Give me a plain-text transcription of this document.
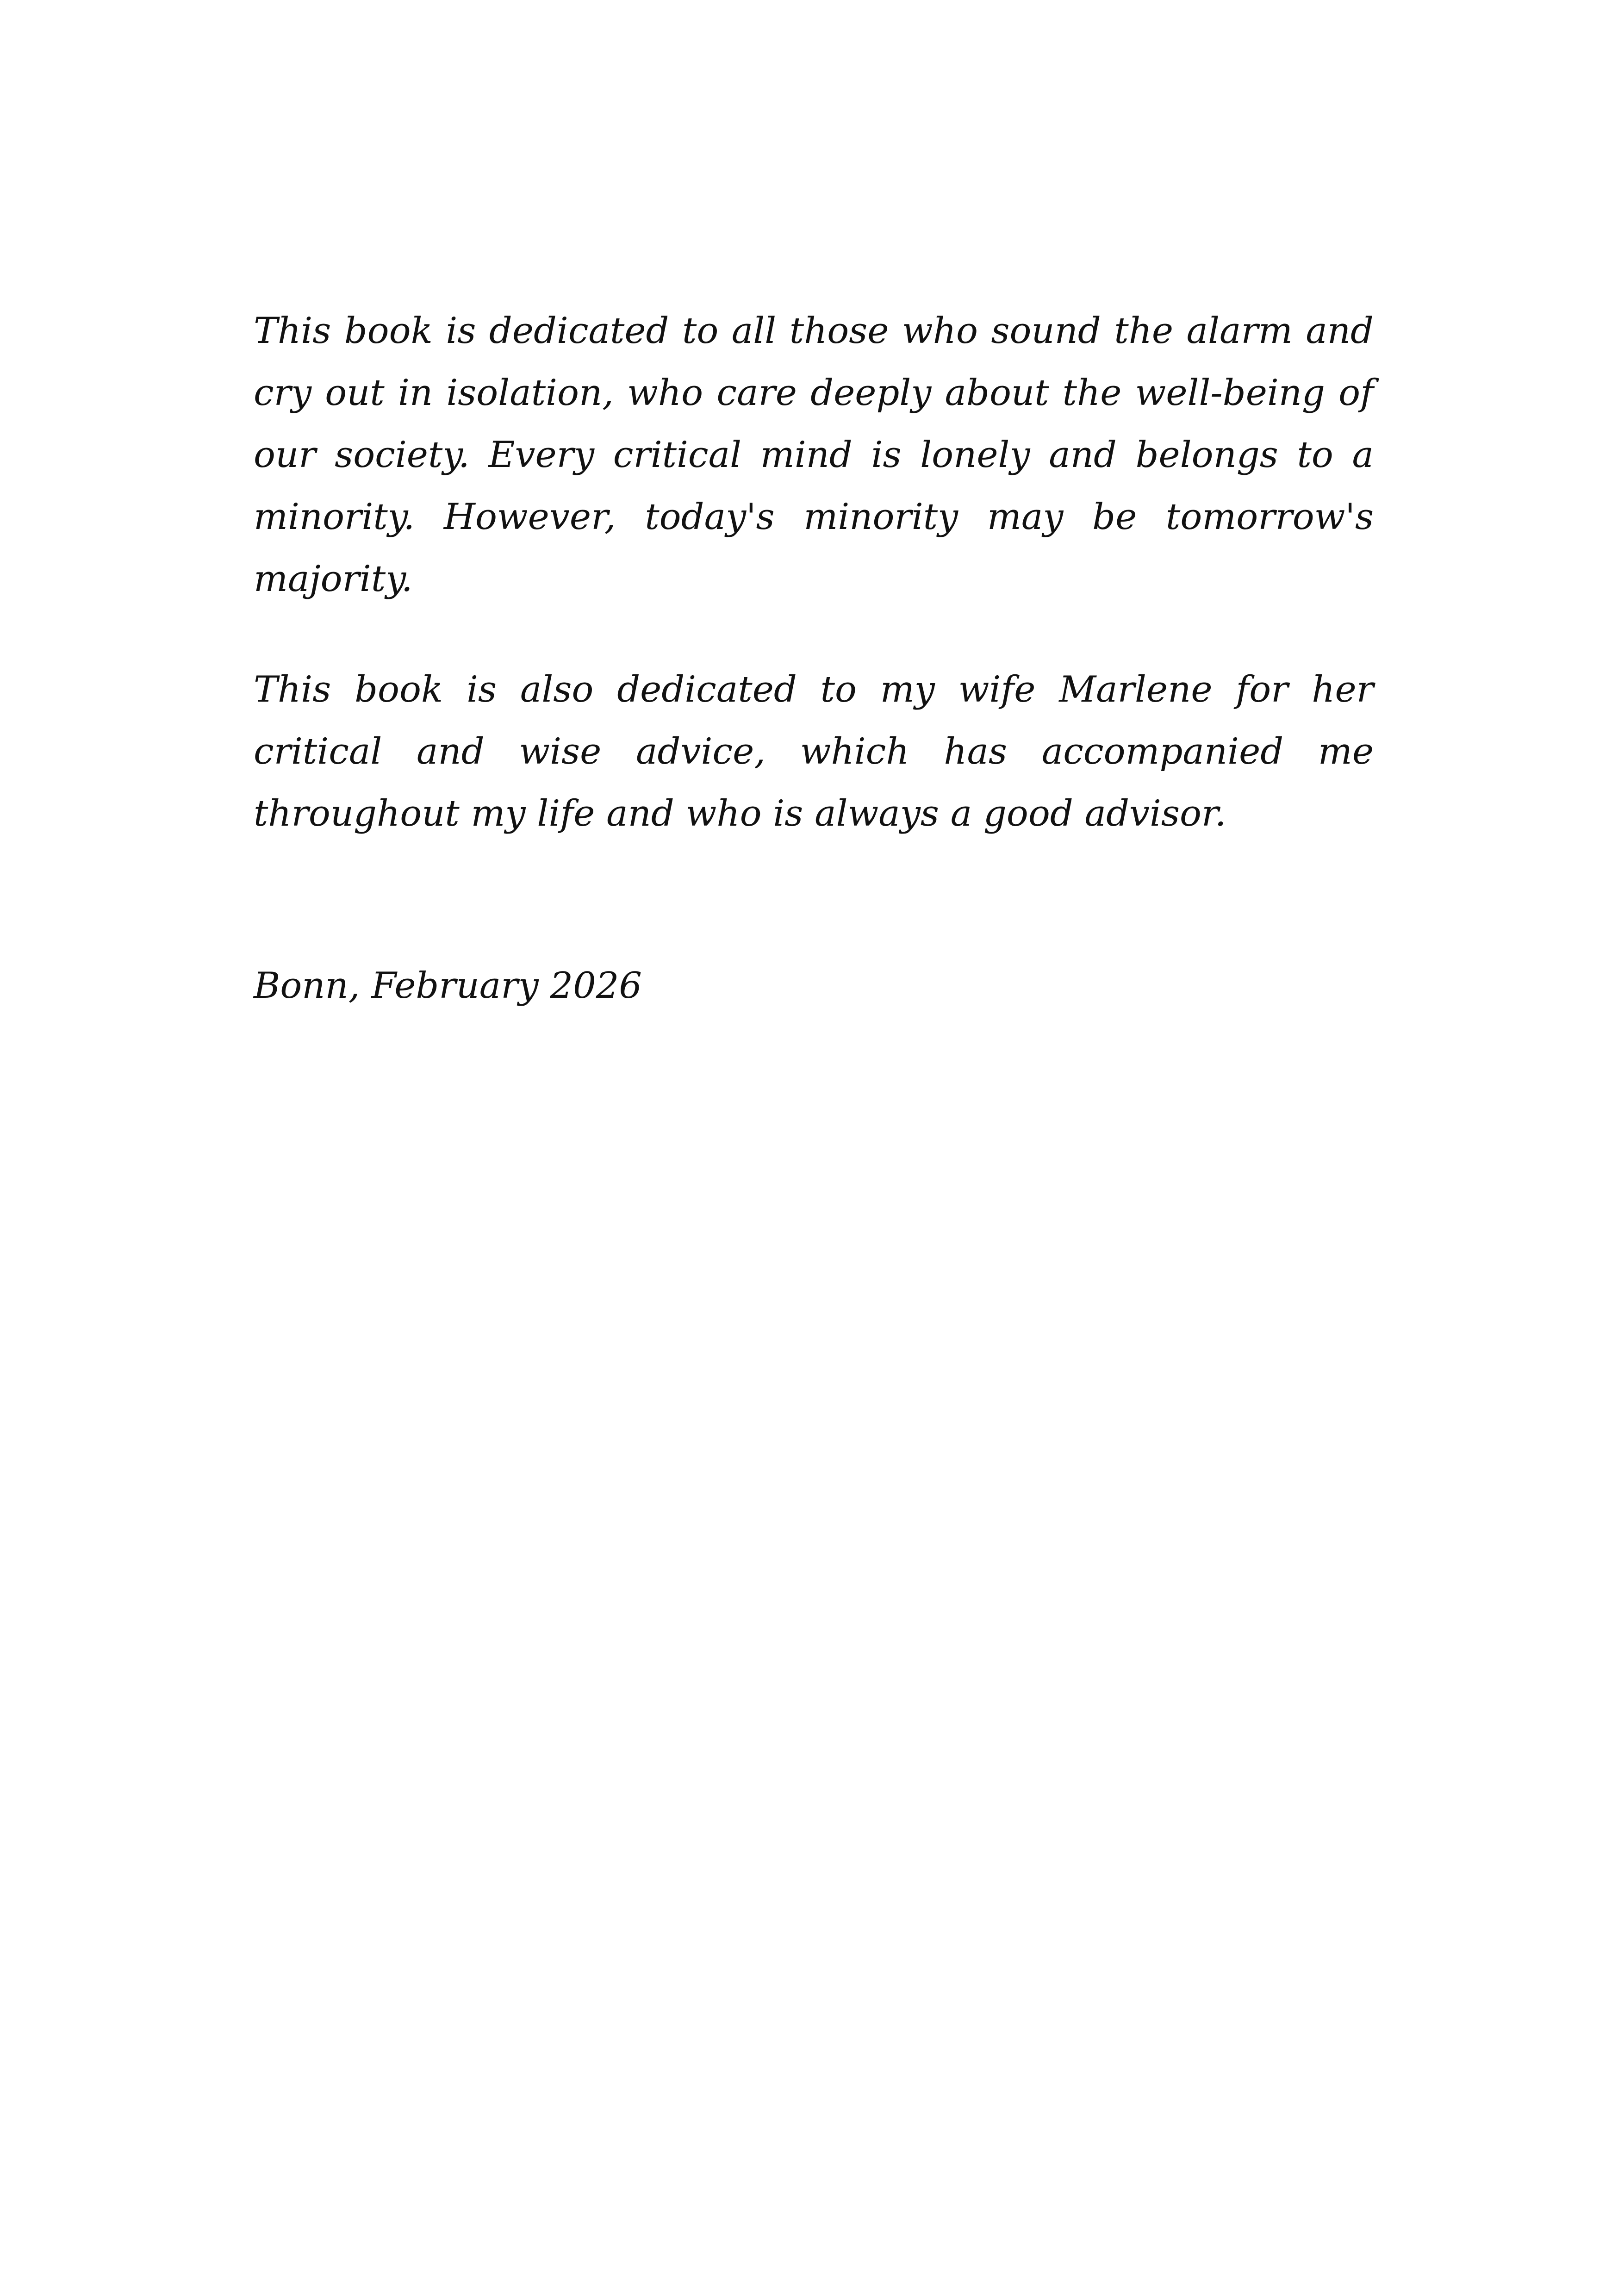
This book is dedicated to all those who sound the alarm and cry out in isolation, who care deeply about the well-being of our society. Every critical mind is lonely and belongs to a minority. However, today's minority may be tomorrow's majority.

This book is also dedicated to my wife Marlene for her critical and wise advice, which has accompanied me throughout my life and who is always a good advisor.

Bonn, February 2026
